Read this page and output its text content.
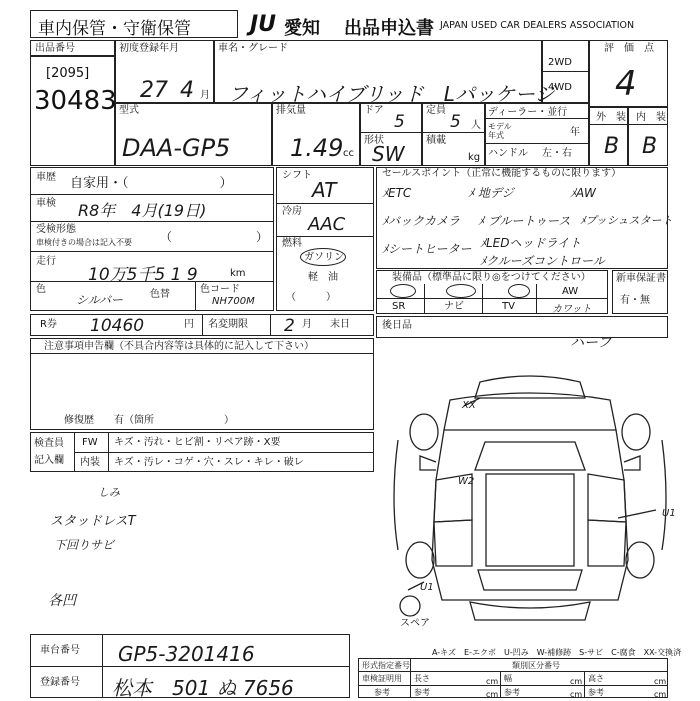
車内保管・守衛保管	JU 愛知 出品申込書 JAPAN USED CAR DEALERS ASSOCIATION
出品番号
[2095]
30483
初度登録年月
27 4 月
車名・グレード
フィットハイブリッド　Lパッケージ
2WD
4WD
評　価　点
4
外　装 内　装
B B
型式
DAA-GP5
排気量
1.49 cc
ドア
5
形状
SW
定員
5 人
積載
kg
ディーラー・並行
モデル年式	年
ハンドル 左・右
車歴 自家用・（　　　　　　　）
車検 R8年　4月(19日)
受検形態
車検付きの場合は記入不要 （　　　　　　　）
走行
10万5千5 1 9	km
色
シルバー	色替	色コード
NH700M
シフト
AT
冷房
AAC
燃料
ガソリン
軽　油
（　　　）
セールスポイント（正常に機能するものに限ります）
ﾒETC	ﾒ 地デジ	ﾒAW
ﾒバックカメラ ﾒ ブルートゥース ﾒプッシュスタート
ﾒシートヒーター ﾒLEDヘッドライト
ﾒクルーズコントロール
装備品（標準品に限り◎をつけてください）
SR	ナビ	TV
AW
カワット
新車保証書
有・無
R券 10460	円 名変期限 2 月 末日	後日品
ハーフ
注意事項申告欄（不具合内容等は具体的に記入して下さい）
修復歴　　有（箇所　　　　　　　）
検査員
記入欄
FW キズ・汚れ・ヒビ割・リペア跡・X要
内装 キズ・汚レ・コゲ・穴・スレ・キレ・破レ
しみ
スタッドレスT
下回りサビ
各凹
XX
W2
U1
U1
スペア
A-キズ　E-エクボ　U-凹み　W-補修跡　S-サビ　C-腐食　XX-交換済
車台番号 GP5-3201416
登録番号 松本　501 ぬ 7656
形式指定番号	類別区分番号
車検証明用 長さ	cm 幅	cm 高さ	cm
参考	参考	cm 参考	cm 参考	cm
